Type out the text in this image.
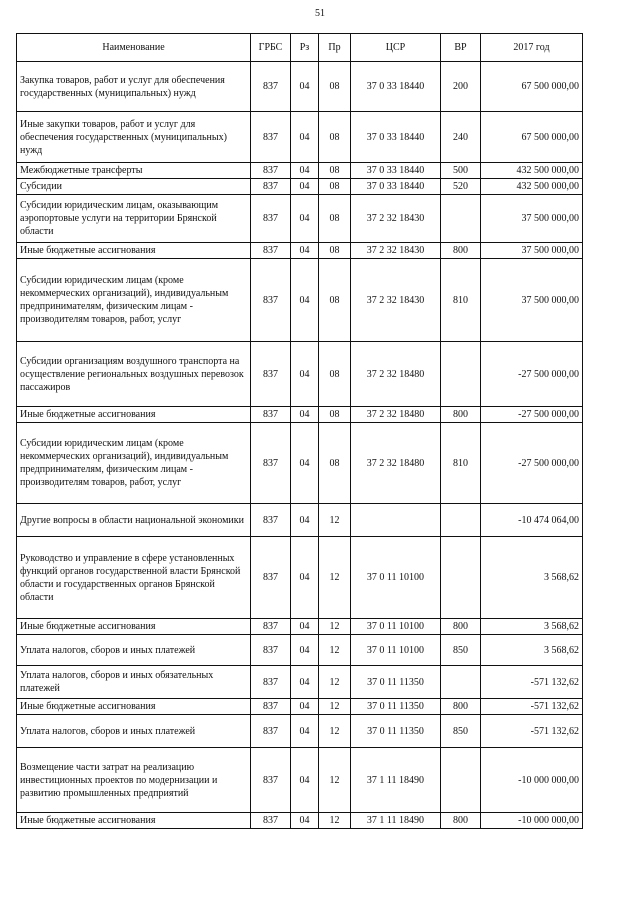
51
Наименование	ГРБС	Рз	Пр	ЦСР	ВР	2017 год
Закупка товаров, работ и услуг для обеспечения государственных (муниципальных) нужд	837	04	08	37 0 33 18440	200	67 500 000,00
Иные закупки товаров, работ и услуг для обеспечения государственных (муниципальных) нужд	837	04	08	37 0 33 18440	240	67 500 000,00
Межбюджетные трансферты	837	04	08	37 0 33 18440	500	432 500 000,00
Субсидии	837	04	08	37 0 33 18440	520	432 500 000,00
Субсидии юридическим лицам, оказывающим аэропортовые услуги на территории Брянской области	837	04	08	37 2 32 18430		37 500 000,00
Иные бюджетные ассигнования	837	04	08	37 2 32 18430	800	37 500 000,00
Субсидии юридическим лицам (кроме некоммерческих организаций), индивидуальным предпринимателям, физическим лицам - производителям товаров, работ, услуг	837	04	08	37 2 32 18430	810	37 500 000,00
Субсидии организациям воздушного транспорта на осуществление региональных воздушных перевозок пассажиров	837	04	08	37 2 32 18480		-27 500 000,00
Иные бюджетные ассигнования	837	04	08	37 2 32 18480	800	-27 500 000,00
Субсидии юридическим лицам (кроме некоммерческих организаций), индивидуальным предпринимателям, физическим лицам - производителям товаров, работ, услуг	837	04	08	37 2 32 18480	810	-27 500 000,00
Другие вопросы в области национальной экономики	837	04	12			-10 474 064,00
Руководство и управление в сфере установленных функций органов государственной власти Брянской области и государственных органов Брянской области	837	04	12	37 0 11 10100		3 568,62
Иные бюджетные ассигнования	837	04	12	37 0 11 10100	800	3 568,62
Уплата налогов, сборов и иных платежей	837	04	12	37 0 11 10100	850	3 568,62
Уплата налогов, сборов и иных обязательных платежей	837	04	12	37 0 11 11350		-571 132,62
Иные бюджетные ассигнования	837	04	12	37 0 11 11350	800	-571 132,62
Уплата налогов, сборов и иных платежей	837	04	12	37 0 11 11350	850	-571 132,62
Возмещение части затрат на реализацию инвестиционных проектов по модернизации и развитию промышленных предприятий	837	04	12	37 1 11 18490		-10 000 000,00
Иные бюджетные ассигнования	837	04	12	37 1 11 18490	800	-10 000 000,00
